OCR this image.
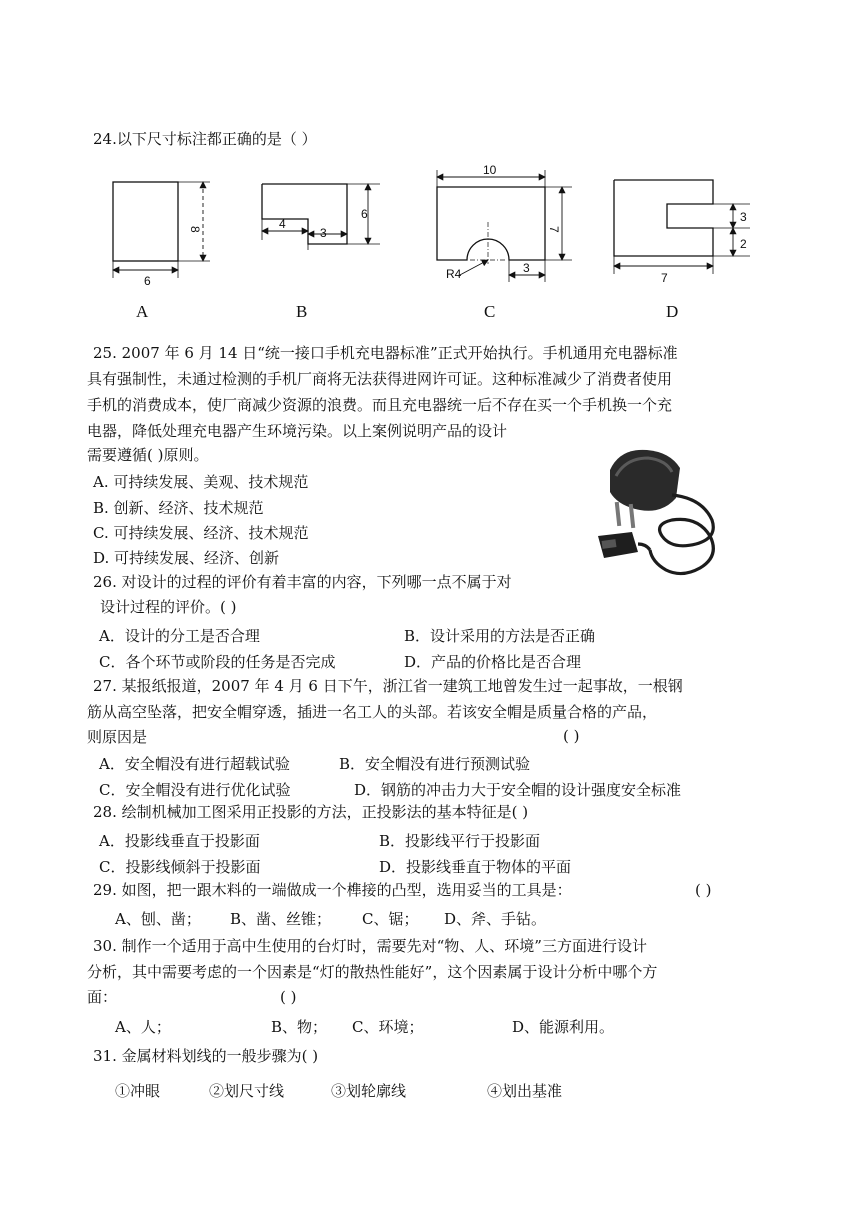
24.以下尺寸标注都正确的是（ ）
8
6
4
3
6
10
7
R4	3
3
2
7
A	B	C	D
25. 2007 年 6 月 14 日“统一接口手机充电器标准”正式开始执行。手机通用充电器标准
具有强制性，未通过检测的手机厂商将无法获得进网许可证。这种标准减少了消费者使用
手机的消费成本，使厂商减少资源的浪费。而且充电器统一后不存在买一个手机换一个充
电器，降低处理充电器产生环境污染。以上案例说明产品的设计
需要遵循( )原则。
A. 可持续发展、美观、技术规范
B. 创新、经济、技术规范
C. 可持续发展、经济、技术规范
D. 可持续发展、经济、创新
26. 对设计的过程的评价有着丰富的内容，下列哪一点不属于对
设计过程的评价。( )
A．设计的分工是否合理	B．设计采用的方法是否正确
C．各个环节或阶段的任务是否完成	D．产品的价格比是否合理
27. 某报纸报道，2007 年 4 月 6 日下午，浙江省一建筑工地曾发生过一起事故，一根钢
筋从高空坠落，把安全帽穿透，插进一名工人的头部。若该安全帽是质量合格的产品，
则原因是	( )
A．安全帽没有进行超载试验	B．安全帽没有进行预测试验
C．安全帽没有进行优化试验	D．钢筋的冲击力大于安全帽的设计强度安全标准
28. 绘制机械加工图采用正投影的方法，正投影法的基本特征是( )
A．投影线垂直于投影面	B．投影线平行于投影面
C．投影线倾斜于投影面	D．投影线垂直于物体的平面
29. 如图，把一跟木料的一端做成一个榫接的凸型，选用妥当的工具是：	( )
A、刨、凿； B、凿、丝锥； C、锯； D、斧、手钻。
30. 制作一个适用于高中生使用的台灯时，需要先对“物、人、环境”三方面进行设计
分析，其中需要考虑的一个因素是“灯的散热性能好”，这个因素属于设计分析中哪个方
面：	( )
A、人；	B、物； C、环境；	D、能源利用。
31. 金属材料划线的一般步骤为( )
①冲眼	②划尺寸线	③划轮廓线	④划出基准
